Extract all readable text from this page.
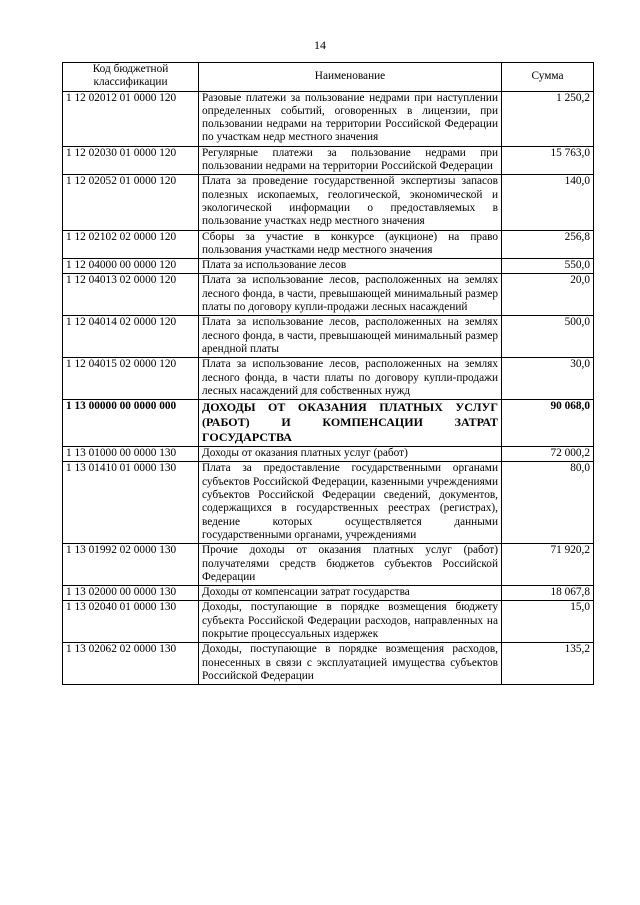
14
Код бюджетной классификации	Наименование	Сумма
1 12 02012 01 0000 120	Разовые платежи за пользование недрами при наступлении определенных событий, оговоренных в лицензии, при пользовании недрами на территории Российской Федерации по участкам недр местного значения	1 250,2
1 12 02030 01 0000 120	Регулярные платежи за пользование недрами при пользовании недрами на территории Российской Федерации	15 763,0
1 12 02052 01 0000 120	Плата за проведение государственной экспертизы запасов полезных ископаемых, геологической, экономической и экологической информации о предоставляемых в пользование участках недр местного значения	140,0
1 12 02102 02 0000 120	Сборы за участие в конкурсе (аукционе) на право пользования участками недр местного значения	256,8
1 12 04000 00 0000 120	Плата за использование лесов	550,0
1 12 04013 02 0000 120	Плата за использование лесов, расположенных на землях лесного фонда, в части, превышающей минимальный размер платы по договору купли-продажи лесных насаждений	20,0
1 12 04014 02 0000 120	Плата за использование лесов, расположенных на землях лесного фонда, в части, превышающей минимальный размер арендной платы	500,0
1 12 04015 02 0000 120	Плата за использование лесов, расположенных на землях лесного фонда, в части платы по договору купли-продажи лесных насаждений для собственных нужд	30,0
1 13 00000 00 0000 000	ДОХОДЫ ОТ ОКАЗАНИЯ ПЛАТНЫХ УСЛУГ (РАБОТ) И КОМПЕНСАЦИИ ЗАТРАТ ГОСУДАРСТВА	90 068,0
1 13 01000 00 0000 130	Доходы от оказания платных услуг (работ)	72 000,2
1 13 01410 01 0000 130	Плата за предоставление государственными органами субъектов Российской Федерации, казенными учреждениями субъектов Российской Федерации сведений, документов, содержащихся в государственных реестрах (регистрах), ведение которых осуществляется данными государственными органами, учреждениями	80,0
1 13 01992 02 0000 130	Прочие доходы от оказания платных услуг (работ) получателями средств бюджетов субъектов Российской Федерации	71 920,2
1 13 02000 00 0000 130	Доходы от компенсации затрат государства	18 067,8
1 13 02040 01 0000 130	Доходы, поступающие в порядке возмещения бюджету субъекта Российской Федерации расходов, направленных на покрытие процессуальных издержек	15,0
1 13 02062 02 0000 130	Доходы, поступающие в порядке возмещения расходов, понесенных в связи с эксплуатацией имущества субъектов Российской Федерации	135,2
